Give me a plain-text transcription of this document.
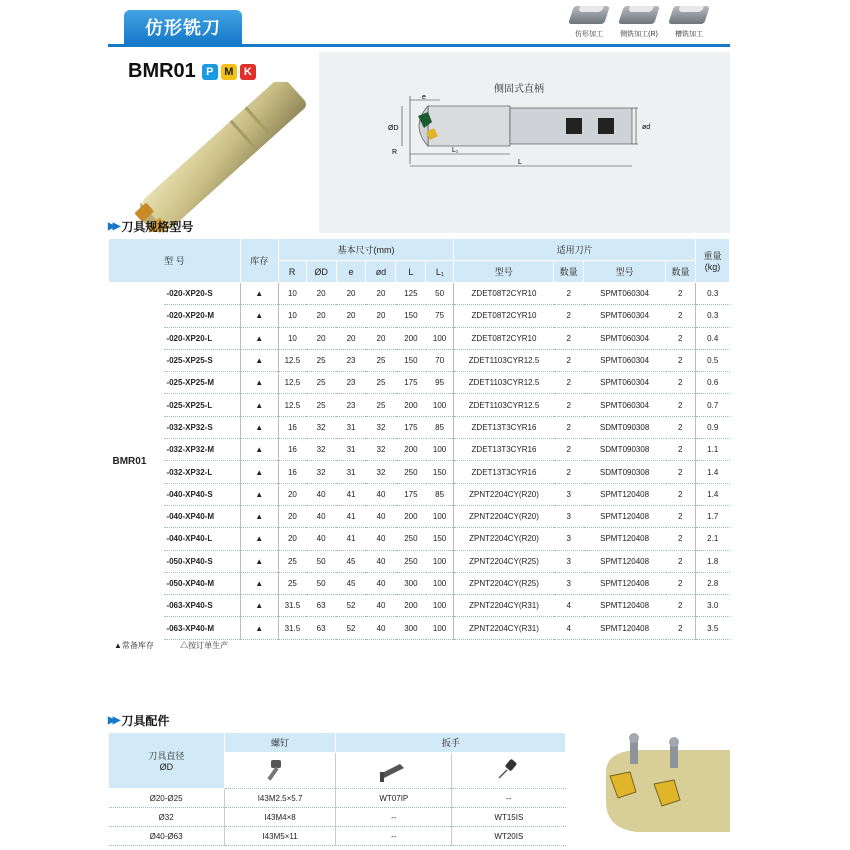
仿形铣刀	仿形加工	侧铣加工(R)	槽铣加工
BMR01 P M K
侧固式直柄
e
ød
ØD
R	L₁
L
▶▶ 刀具规格型号
型 号		库存	基本尺寸(mm)						适用刀片				重量 (kg)
			R	ØD	e	ød	L	L₁	型号	数量	型号	数量	
BMR01	-020-XP20-S	▲	10	20	20	20	125	50	ZDET08T2CYR10	2	SPMT060304	2	0.3
	-020-XP20-M	▲	10	20	20	20	150	75	ZDET08T2CYR10	2	SPMT060304	2	0.3
	-020-XP20-L	▲	10	20	20	20	200	100	ZDET08T2CYR10	2	SPMT060304	2	0.4
	-025-XP25-S	▲	12.5	25	23	25	150	70	ZDET1103CYR12.5	2	SPMT060304	2	0.5
	-025-XP25-M	▲	12.5	25	23	25	175	95	ZDET1103CYR12.5	2	SPMT060304	2	0.6
	-025-XP25-L	▲	12.5	25	23	25	200	100	ZDET1103CYR12.5	2	SPMT060304	2	0.7
	-032-XP32-S	▲	16	32	31	32	175	85	ZDET13T3CYR16	2	SDMT090308	2	0.9
	-032-XP32-M	▲	16	32	31	32	200	100	ZDET13T3CYR16	2	SDMT090308	2	1.1
	-032-XP32-L	▲	16	32	31	32	250	150	ZDET13T3CYR16	2	SDMT090308	2	1.4
	-040-XP40-S	▲	20	40	41	40	175	85	ZPNT2204CY(R20)	3	SPMT120408	2	1.4
	-040-XP40-M	▲	20	40	41	40	200	100	ZPNT2204CY(R20)	3	SPMT120408	2	1.7
	-040-XP40-L	▲	20	40	41	40	250	150	ZPNT2204CY(R20)	3	SPMT120408	2	2.1
	-050-XP40-S	▲	25	50	45	40	250	100	ZPNT2204CY(R25)	3	SPMT120408	2	1.8
	-050-XP40-M	▲	25	50	45	40	300	100	ZPNT2204CY(R25)	3	SPMT120408	2	2.8
	-063-XP40-S	▲	31.5	63	52	40	200	100	ZPNT2204CY(R31)	4	SPMT120408	2	3.0
	-063-XP40-M	▲	31.5	63	52	40	300	100	ZPNT2204CY(R31)	4	SPMT120408	2	3.5
▲常备库存	△按订单生产
▶▶ 刀具配件
刀具直径
ØD	螺钉	扳手	

Ø20-Ø25	I43M2.5×5.7	WT07IP	--
Ø32	I43M4×8	--	WT15IS
Ø40-Ø63	I43M5×11	--	WT20IS
